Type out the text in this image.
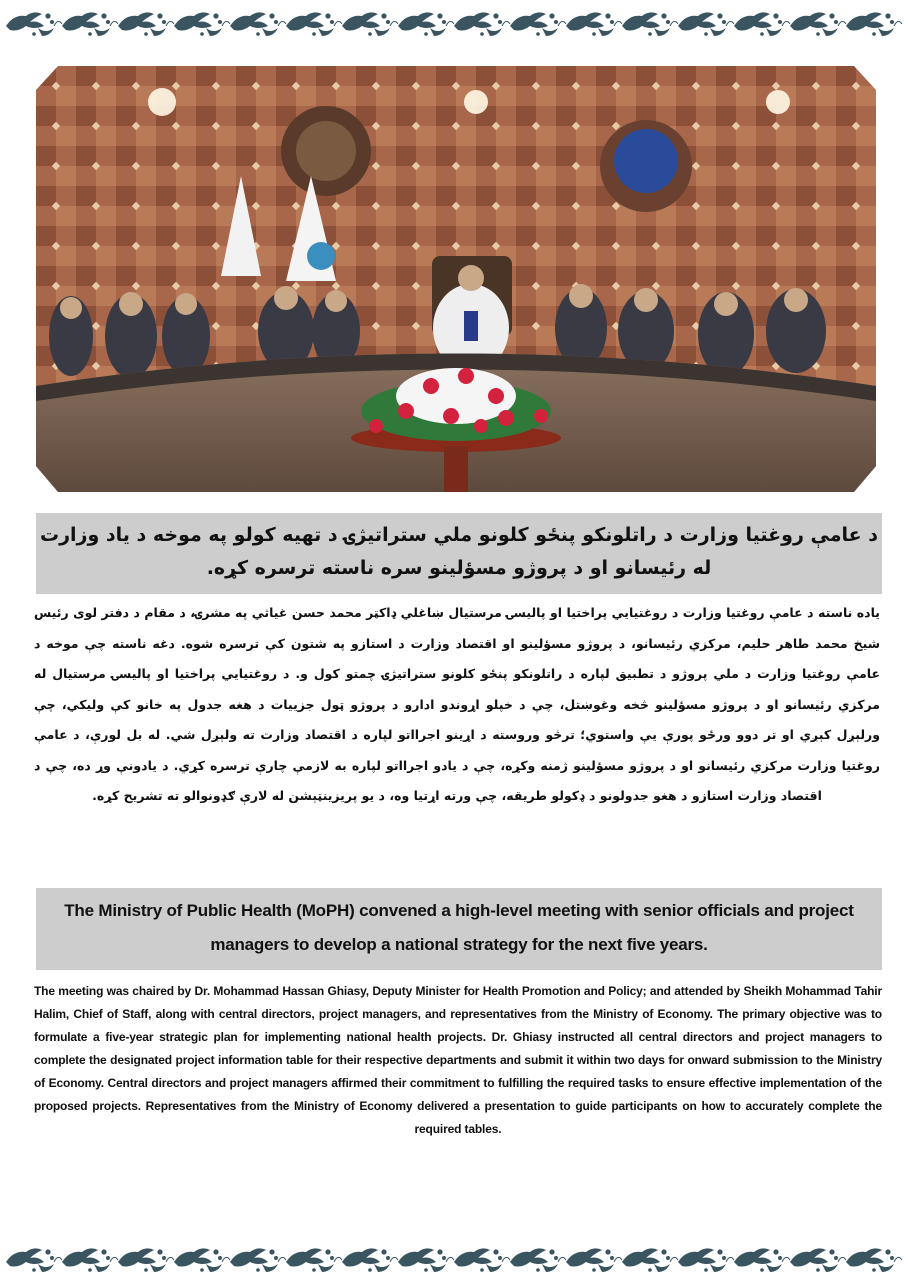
د عامې روغتیا وزارت د راتلونکو پنځو کلونو ملي ستراتیژۍ د تهیه کولو په موخه د یاد وزارت له رئیسانو او د پروژو مسؤلینو سره ناسته ترسره کړه.
یاده ناسته د عامې روغتیا وزارت د روغتیايي پراختیا او پالیسۍ مرستیال ښاغلي ډاکټر محمد حسن غیاثي په مشرۍ، د مقام د دفتر لوی رئیس شیخ محمد طاهر حلیم، مرکزي رئیسانو، د پروژو مسؤلینو او اقتصاد وزارت د استازو په شتون کې ترسره شوه. دغه ناسته چې موخه د عامې روغتیا وزارت د ملي پروژو د تطبیق لپاره د راتلونکو پنځو کلونو ستراتیژۍ چمتو کول و. د روغتیايي پراختیا او پالیسۍ مرستیال له مرکزي رئیسانو او د پروژو مسؤلینو څخه وغوښتل، چې د خپلو اړوندو ادارو د پروژو ټول جزییات د هغه جدول په خانو کې ولیکي، چې ورلېږل کېږي او تر دوو ورځو پورې یې واستوي؛ ترڅو وروسته د اړینو اجرااتو لپاره د اقتصاد وزارت ته ولېږل شي. له بل لورې، د عامې روغتیا وزارت مرکزي رئیسانو او د پروژو مسؤلینو ژمنه وکړه، چې د یادو اجرااتو لپاره به لازمې چارې ترسره کړي. د یادونې وړ ده، چې د اقتصاد وزارت استازو د هغو جدولونو د ډکولو طریقه، چې ورته اړتیا وه، د یو پریزینټېشن له لارې ګډونوالو ته تشریح کړه.
The Ministry of Public Health (MoPH) convened a high-level meeting with senior officials and project managers to develop a national strategy for the next five years.
The meeting was chaired by Dr. Mohammad Hassan Ghiasy, Deputy Minister for Health Promotion and Policy; and attended by Sheikh Mohammad Tahir Halim, Chief of Staff, along with central directors, project managers, and representatives from the Ministry of Economy. The primary objective was to formulate a five-year strategic plan for implementing national health projects. Dr. Ghiasy instructed all central directors and project managers to complete the designated project information table for their respective departments and submit it within two days for onward submission to the Ministry of Economy. Central directors and project managers affirmed their commitment to fulfilling the required tasks to ensure effective implementation of the proposed projects. Representatives from the Ministry of Economy delivered a presentation to guide participants on how to accurately complete the required tables.
